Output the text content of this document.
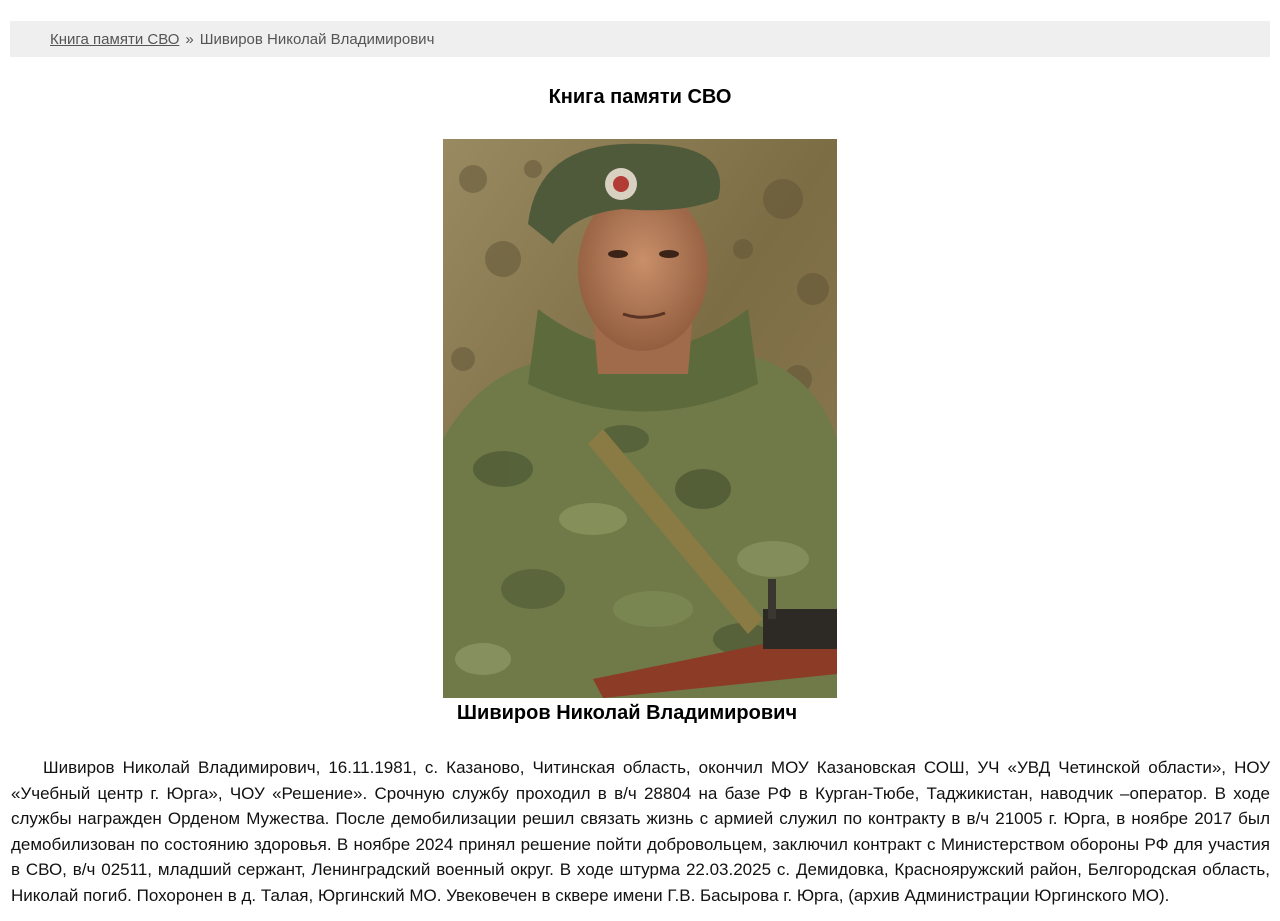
Книга памяти СВО » Шивиров Николай Владимирович
Книга памяти СВО
Шивиров Николай Владимирович

Шивиров Николай Владимирович, 16.11.1981, с. Казаново, Читинская область, окончил МОУ Казановская СОШ, УЧ «УВД Четинской области», НОУ «Учебный центр г. Юрга», ЧОУ «Решение». Срочную службу проходил в в/ч 28804 на базе РФ в Курган-Тюбе, Таджикистан, наводчик –оператор. В ходе службы награжден Орденом Мужества. После демобилизации решил связать жизнь с армией служил по контракту в в/ч 21005 г. Юрга, в ноябре 2017 был демобилизован по состоянию здоровья. В ноябре 2024 принял решение пойти добровольцем, заключил контракт с Министерством обороны РФ для участия в СВО, в/ч 02511, младший сержант, Ленинградский военный округ. В ходе штурма 22.03.2025 с. Демидовка, Краснояружский район, Белгородская область, Николай погиб. Похоронен в д. Талая, Юргинский МО. Увековечен в сквере имени Г.В. Басырова г. Юрга, (архив Администрации Юргинского МО).
